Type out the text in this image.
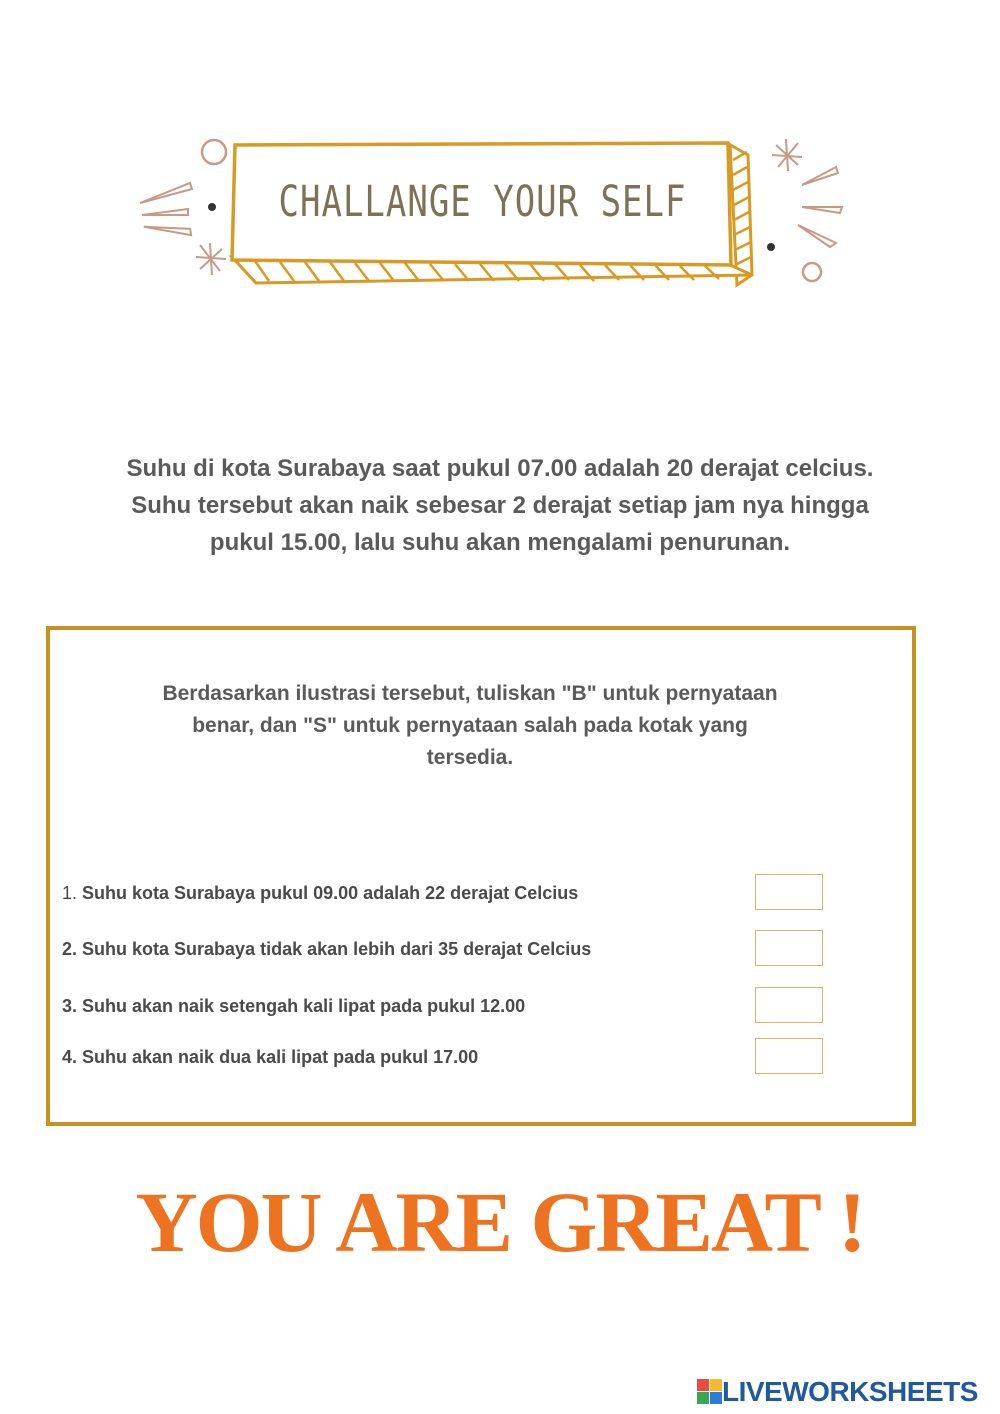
CHALLANGE YOUR SELF
Suhu di kota Surabaya saat pukul 07.00 adalah 20 derajat celcius.
Suhu tersebut akan naik sebesar 2 derajat setiap jam nya hingga
pukul 15.00, lalu suhu akan mengalami penurunan.
Berdasarkan ilustrasi tersebut, tuliskan "B" untuk pernyataan
benar, dan "S" untuk pernyataan salah pada kotak yang
tersedia.
1.
Suhu kota Surabaya pukul 09.00 adalah 22 derajat Celcius
2.
Suhu kota Surabaya tidak akan lebih dari 35 derajat Celcius
3.
Suhu akan naik setengah kali lipat pada pukul 12.00
4.
Suhu akan naik dua kali lipat pada pukul 17.00
YOU ARE GREAT !
LIVEWORKSHEETS
